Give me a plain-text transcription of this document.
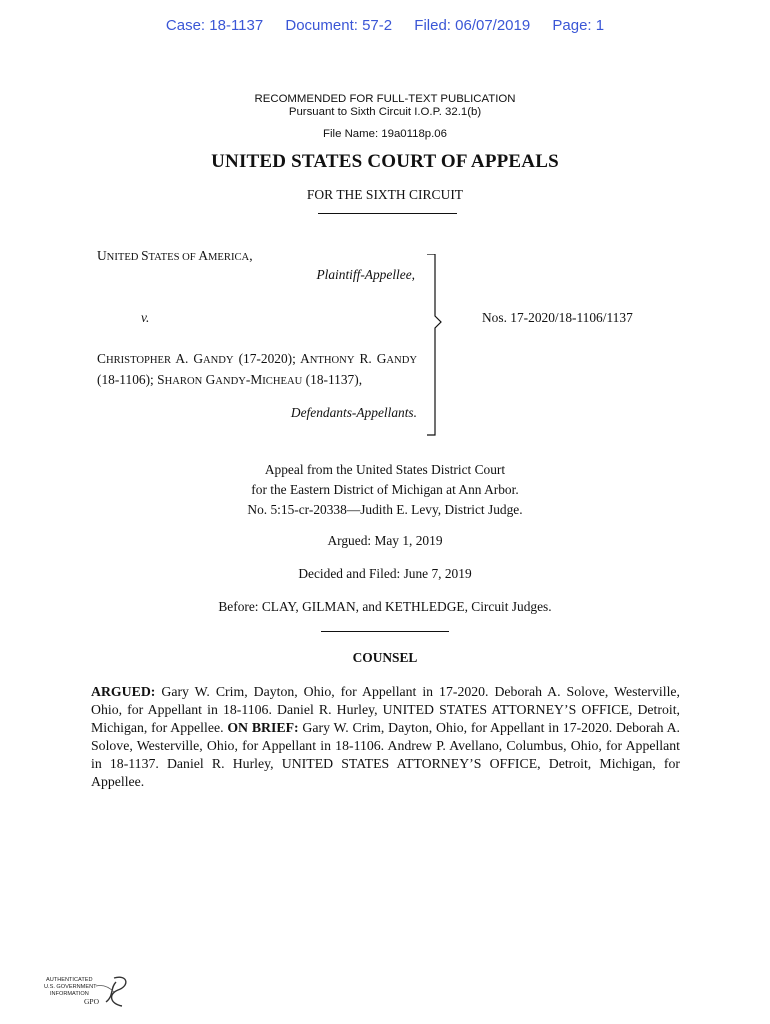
Case: 18-1137 Document: 57-2 Filed: 06/07/2019 Page: 1
RECOMMENDED FOR FULL-TEXT PUBLICATION
Pursuant to Sixth Circuit I.O.P. 32.1(b)
File Name: 19a0118p.06
UNITED STATES COURT OF APPEALS
FOR THE SIXTH CIRCUIT
UNITED STATES OF AMERICA,
Plaintiff-Appellee,
v.
CHRISTOPHER A. GANDY (17-2020); ANTHONY R. GANDY (18-1106); SHARON GANDY-MICHEAU (18-1137),
Defendants-Appellants.
Nos. 17-2020/18-1106/1137
Appeal from the United States District Court
for the Eastern District of Michigan at Ann Arbor.
No. 5:15-cr-20338—Judith E. Levy, District Judge.
Argued: May 1, 2019
Decided and Filed: June 7, 2019
Before: CLAY, GILMAN, and KETHLEDGE, Circuit Judges.
COUNSEL
ARGUED: Gary W. Crim, Dayton, Ohio, for Appellant in 17-2020. Deborah A. Solove, Westerville, Ohio, for Appellant in 18-1106. Daniel R. Hurley, UNITED STATES ATTORNEY’S OFFICE, Detroit, Michigan, for Appellee. ON BRIEF: Gary W. Crim, Dayton, Ohio, for Appellant in 17-2020. Deborah A. Solove, Westerville, Ohio, for Appellant in 18-1106. Andrew P. Avellano, Columbus, Ohio, for Appellant in 18-1137. Daniel R. Hurley, UNITED STATES ATTORNEY’S OFFICE, Detroit, Michigan, for Appellee.
AUTHENTICATED
U.S. GOVERNMENT
INFORMATION
GPO
